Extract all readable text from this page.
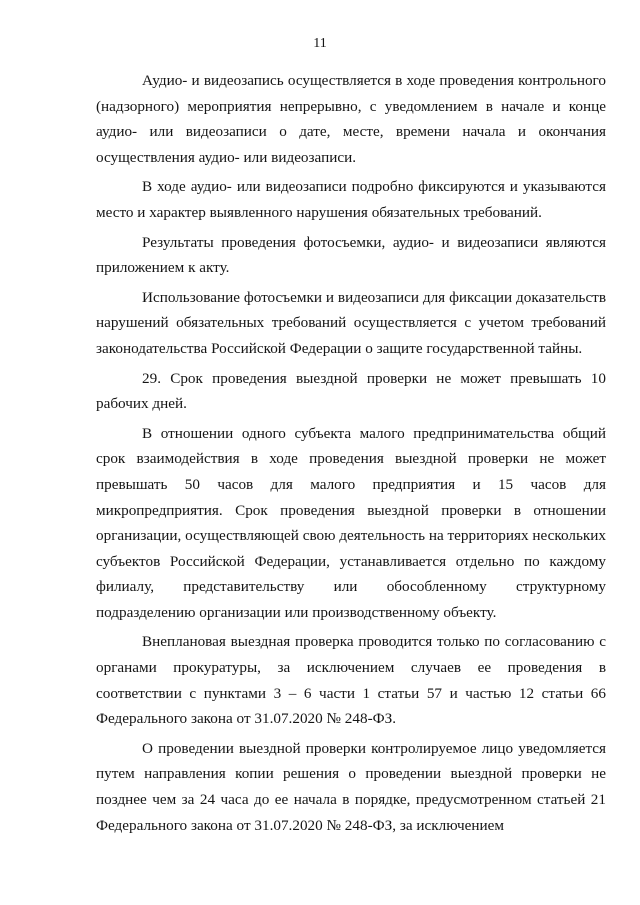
11

Аудио- и видеозапись осуществляется в ходе проведения контрольного (надзорного) мероприятия непрерывно, с уведомлением в начале и конце аудио- или видеозаписи о дате, месте, времени начала и окончания осуществления аудио- или видеозаписи.

В ходе аудио- или видеозаписи подробно фиксируются и указываются место и характер выявленного нарушения обязательных требований.

Результаты проведения фотосъемки, аудио- и видеозаписи являются приложением к акту.

Использование фотосъемки и видеозаписи для фиксации доказательств нарушений обязательных требований осуществляется с учетом требований законодательства Российской Федерации о защите государственной тайны.

29. Срок проведения выездной проверки не может превышать 10 рабочих дней.

В отношении одного субъекта малого предпринимательства общий срок взаимодействия в ходе проведения выездной проверки не может превышать 50 часов для малого предприятия и 15 часов для микропредприятия. Срок проведения выездной проверки в отношении организации, осуществляющей свою деятельность на территориях нескольких субъектов Российской Федерации, устанавливается отдельно по каждому филиалу, представительству или обособленному структурному подразделению организации или производственному объекту.

Внеплановая выездная проверка проводится только по согласованию с органами прокуратуры, за исключением случаев ее проведения в соответствии с пунктами 3 – 6 части 1 статьи 57 и частью 12 статьи 66 Федерального закона от 31.07.2020 № 248-ФЗ.

О проведении выездной проверки контролируемое лицо уведомляется путем направления копии решения о проведении выездной проверки не позднее чем за 24 часа до ее начала в порядке, предусмотренном статьей 21 Федерального закона от 31.07.2020 № 248-ФЗ, за исключением
